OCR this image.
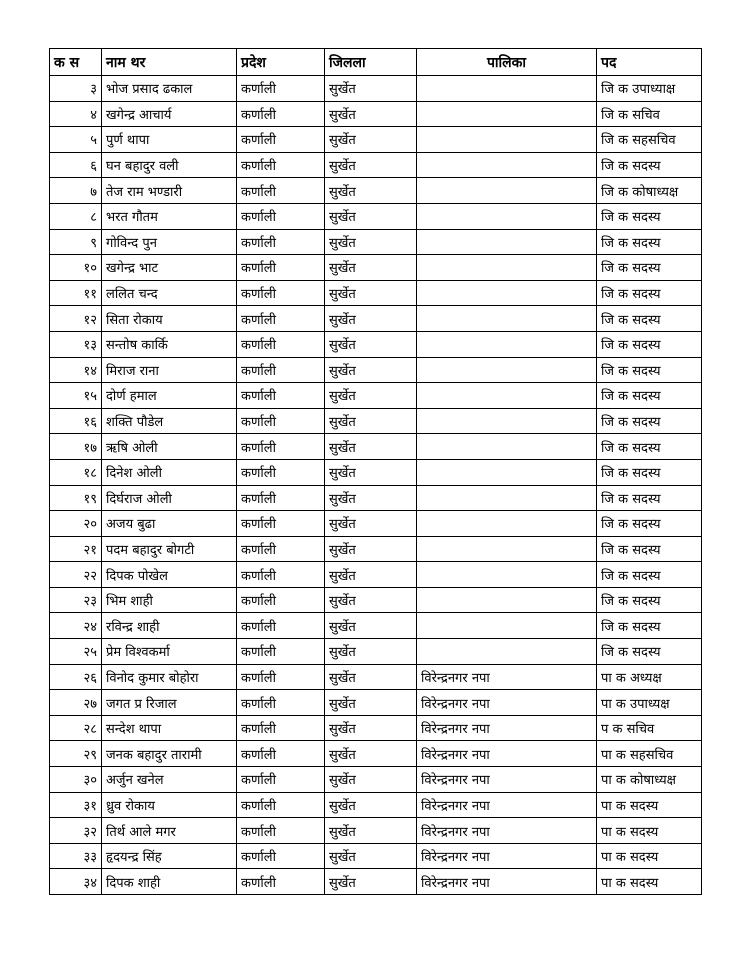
क स	नाम थर	प्रदेश	जिलला	पालिका	पद
३	भोज प्रसाद ढकाल	कर्णाली	सुर्खेत		जि क उपाध्याक्ष
४	खगेन्द्र आचार्य	कर्णाली	सुर्खेत		जि क सचिव
५	पुर्ण थापा	कर्णाली	सुर्खेत		जि क सहसचिव
६	घन बहादुर वली	कर्णाली	सुर्खेत		जि क सदस्य
७	तेज राम भण्डारी	कर्णाली	सुर्खेत		जि क कोषाध्यक्ष
८	भरत गौतम	कर्णाली	सुर्खेत		जि क सदस्य
९	गोविन्द पुन	कर्णाली	सुर्खेत		जि क सदस्य
१०	खगेन्द्र भाट	कर्णाली	सुर्खेत		जि क सदस्य
११	ललित चन्द	कर्णाली	सुर्खेत		जि क सदस्य
१२	सिता रोकाय	कर्णाली	सुर्खेत		जि क सदस्य
१३	सन्तोष कार्कि	कर्णाली	सुर्खेत		जि क सदस्य
१४	मिराज राना	कर्णाली	सुर्खेत		जि क सदस्य
१५	दोर्ण हमाल	कर्णाली	सुर्खेत		जि क सदस्य
१६	शक्ति पौडेल	कर्णाली	सुर्खेत		जि क सदस्य
१७	ऋषि ओली	कर्णाली	सुर्खेत		जि क सदस्य
१८	दिनेश ओली	कर्णाली	सुर्खेत		जि क सदस्य
१९	दिर्घराज ओली	कर्णाली	सुर्खेत		जि क सदस्य
२०	अजय बुढा	कर्णाली	सुर्खेत		जि क सदस्य
२१	पदम बहादुर बोगटी	कर्णाली	सुर्खेत		जि क सदस्य
२२	दिपक पोखेल	कर्णाली	सुर्खेत		जि क सदस्य
२३	भिम शाही	कर्णाली	सुर्खेत		जि क सदस्य
२४	रविन्द्र शाही	कर्णाली	सुर्खेत		जि क सदस्य
२५	प्रेम विश्वकर्मा	कर्णाली	सुर्खेत		जि क सदस्य
२६	विनोद कुमार बोहोरा	कर्णाली	सुर्खेत	विरेन्द्रनगर नपा	पा क अध्यक्ष
२७	जगत प्र रिजाल	कर्णाली	सुर्खेत	विरेन्द्रनगर नपा	पा क उपाध्यक्ष
२८	सन्देश थापा	कर्णाली	सुर्खेत	विरेन्द्रनगर नपा	प क सचिव
२९	जनक बहादुर तारामी	कर्णाली	सुर्खेत	विरेन्द्रनगर नपा	पा क सहसचिव
३०	अर्जुन खनेल	कर्णाली	सुर्खेत	विरेन्द्रनगर नपा	पा क कोषाध्यक्ष
३१	ध्रुव रोकाय	कर्णाली	सुर्खेत	विरेन्द्रनगर नपा	पा क सदस्य
३२	तिर्थ आले मगर	कर्णाली	सुर्खेत	विरेन्द्रनगर नपा	पा क सदस्य
३३	हृदयन्द्र सिंह	कर्णाली	सुर्खेत	विरेन्द्रनगर नपा	पा क सदस्य
३४	दिपक शाही	कर्णाली	सुर्खेत	विरेन्द्रनगर नपा	पा क सदस्य
